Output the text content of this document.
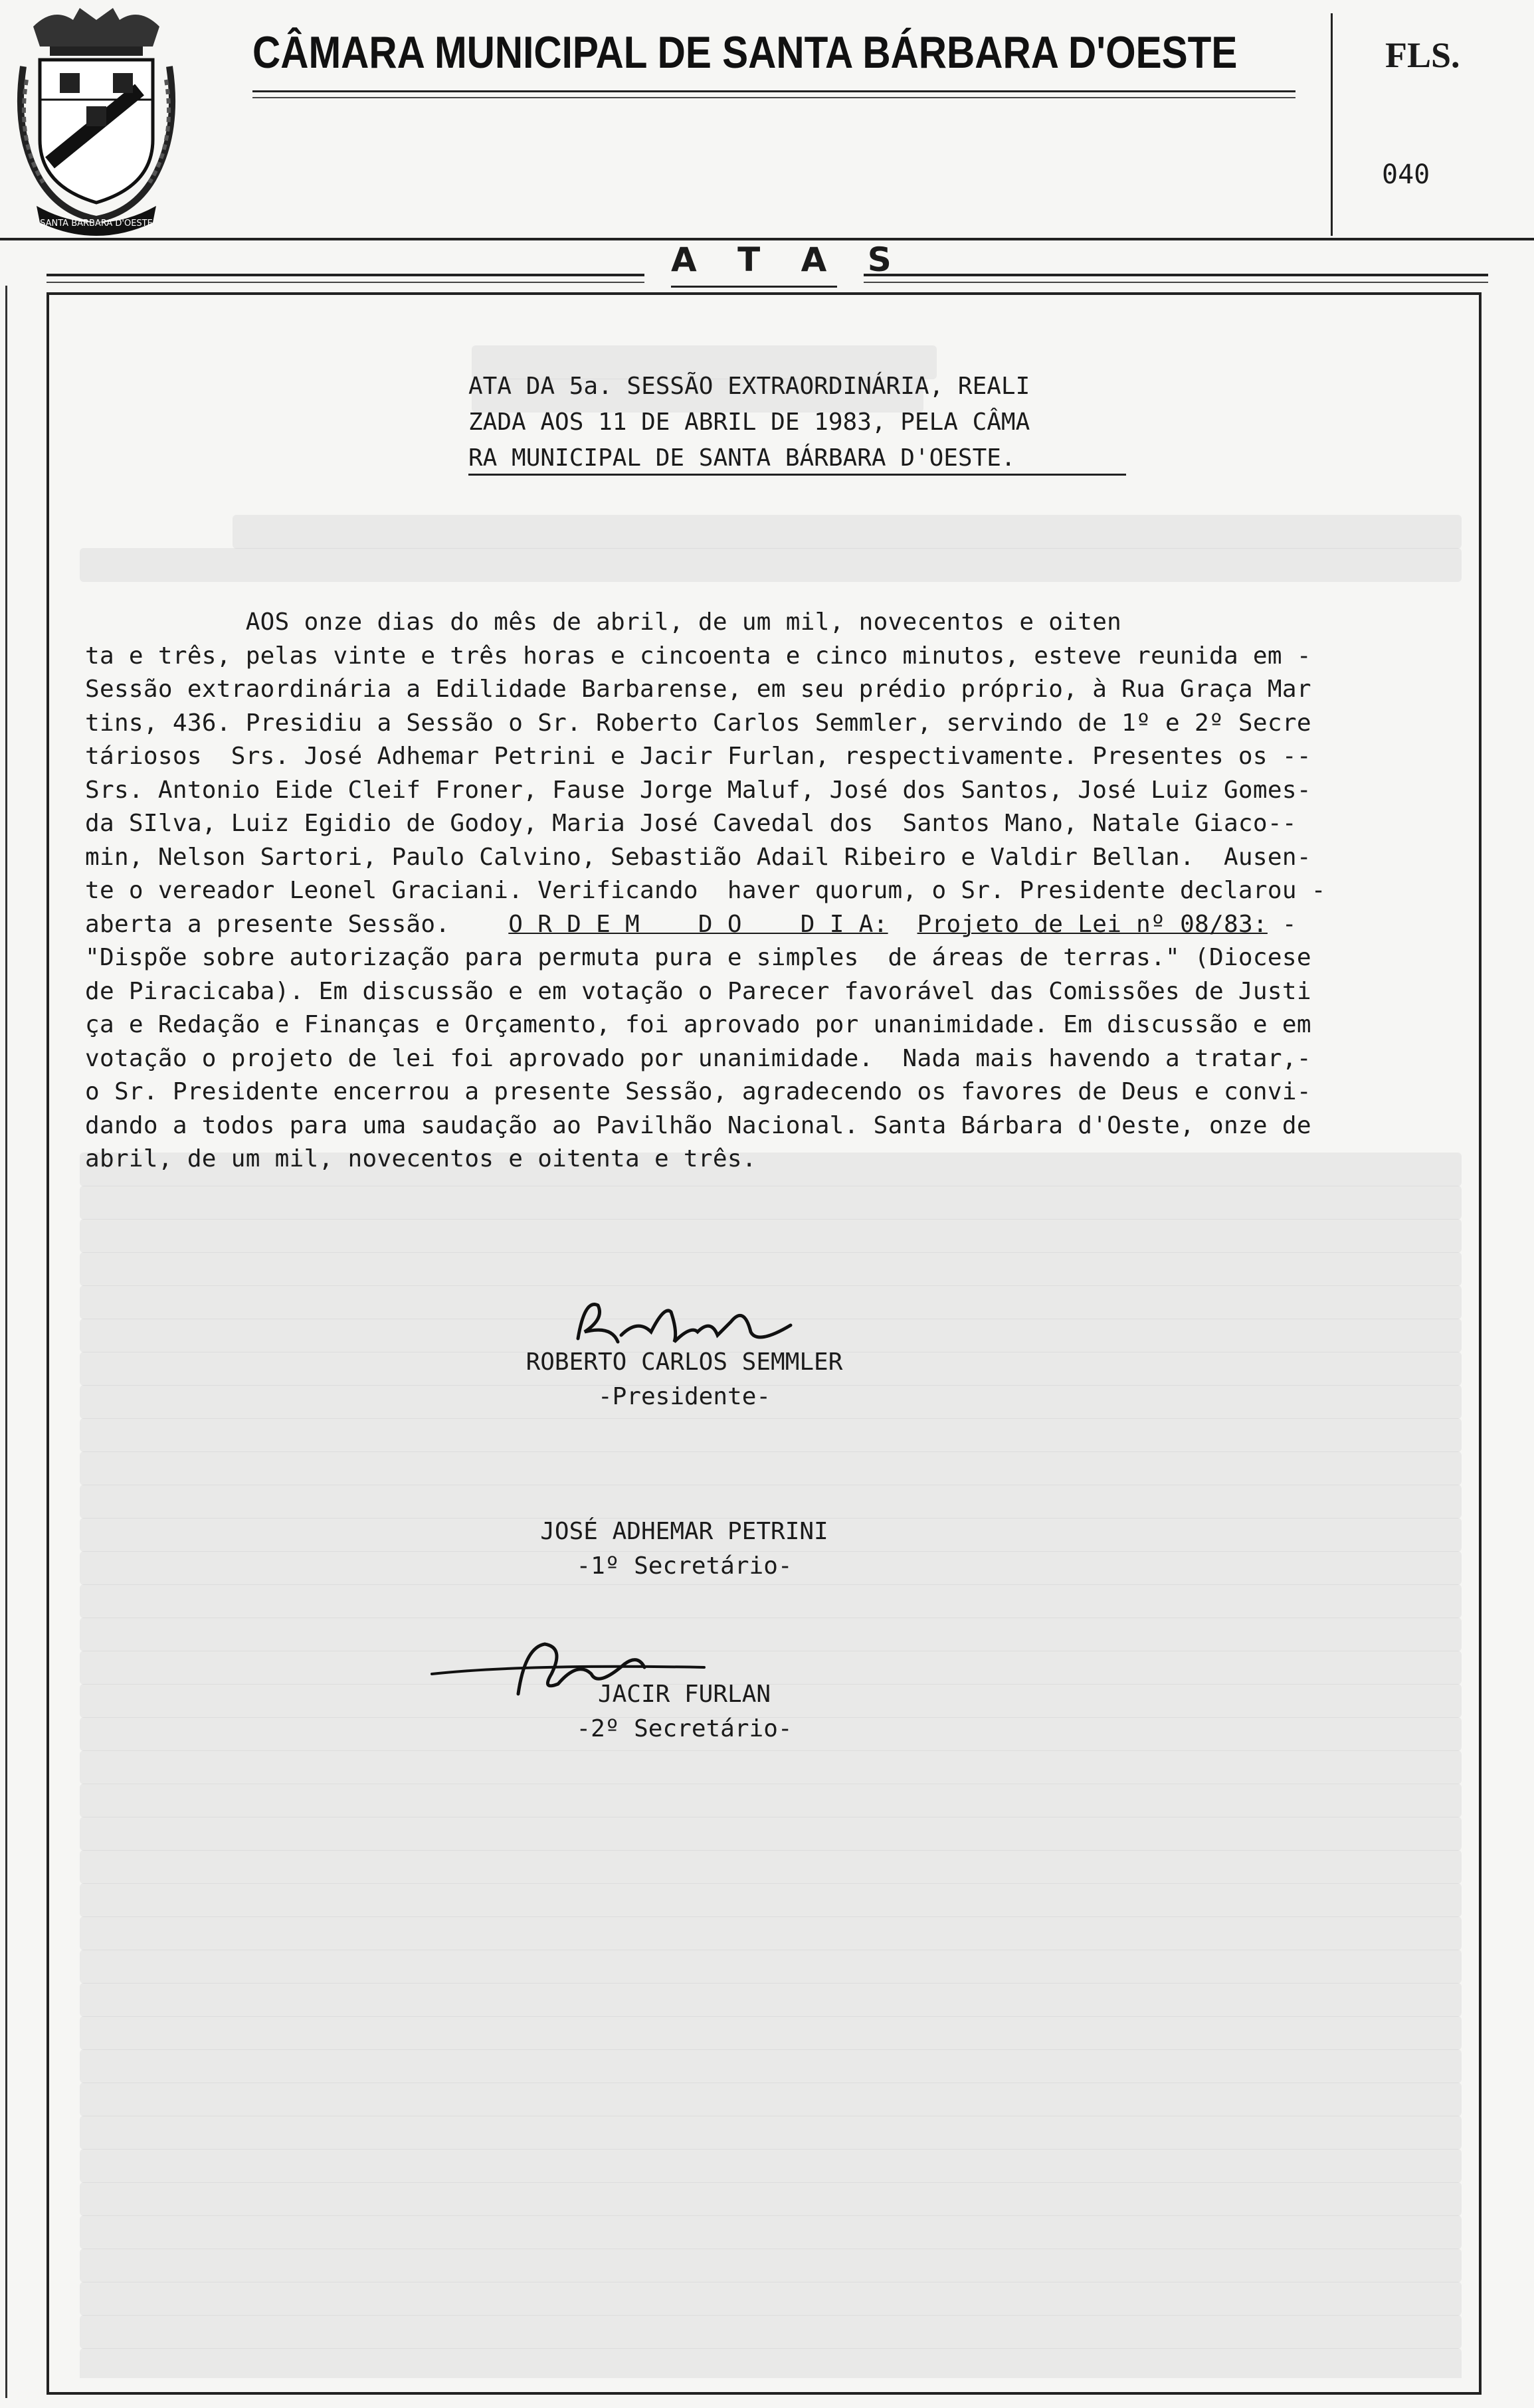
SANTA BARBARA D'OESTE
CÂMARA MUNICIPAL DE SANTA BÁRBARA D'OESTE	FLS.
040
A T A S
ATA DA 5a. SESSÃO EXTRAORDINÁRIA, REALI
ZADA AOS 11 DE ABRIL DE 1983, PELA CÂMA
RA MUNICIPAL DE SANTA BÁRBARA D'OESTE.
AOS onze dias do mês de abril, de um mil, novecentos e oiten
ta e três, pelas vinte e três horas e cincoenta e cinco minutos, esteve reunida em -
Sessão extraordinária a Edilidade Barbarense, em seu prédio próprio, à Rua Graça Mar
tins, 436. Presidiu a Sessão o Sr. Roberto Carlos Semmler, servindo de 1º e 2º Secre
táriosos  Srs. José Adhemar Petrini e Jacir Furlan, respectivamente. Presentes os --
Srs. Antonio Eide Cleif Froner, Fause Jorge Maluf, José dos Santos, José Luiz Gomes-
da SIlva, Luiz Egidio de Godoy, Maria José Cavedal dos  Santos Mano, Natale Giaco--
min, Nelson Sartori, Paulo Calvino, Sebastião Adail Ribeiro e Valdir Bellan.  Ausen-
te o vereador Leonel Graciani. Verificando  haver quorum, o Sr. Presidente declarou -
aberta a presente Sessão. O R D E M    D O    D I A: Projeto de Lei nº 08/83: -
"Dispõe sobre autorização para permuta pura e simples  de áreas de terras." (Diocese
de Piracicaba). Em discussão e em votação o Parecer favorável das Comissões de Justi
ça e Redação e Finanças e Orçamento, foi aprovado por unanimidade. Em discussão e em
votação o projeto de lei foi aprovado por unanimidade.  Nada mais havendo a tratar,-
o Sr. Presidente encerrou a presente Sessão, agradecendo os favores de Deus e convi-
dando a todos para uma saudação ao Pavilhão Nacional. Santa Bárbara d'Oeste, onze de
abril, de um mil, novecentos e oitenta e três.
ROBERTO CARLOS SEMMLER
-Presidente-
JOSÉ ADHEMAR PETRINI
-1º Secretário-
JACIR FURLAN
-2º Secretário-
